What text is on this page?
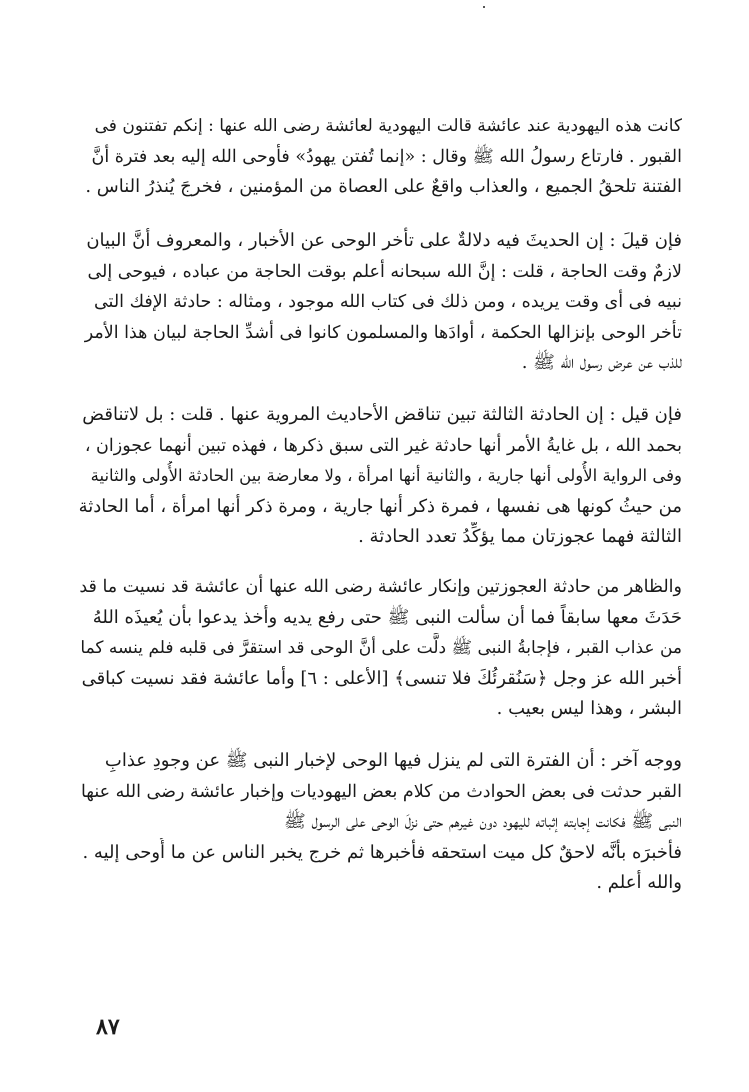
كانت هذه اليهودية عند عائشة قالت اليهودية لعائشة رضى الله عنها : إنكم تفتنون فى
القبور . فارتاع رسولُ الله ﷺ وقال : «إنما تُفتن يهودُ» فأوحى الله إليه بعد فترة أنَّ
الفتنة تلحقُ الجميع ، والعذاب واقعٌ على العصاة من المؤمنين ، فخرجَ يُنذرُ الناس .
فإن قيلَ : إن الحديثَ فيه دلالةٌ على تأخر الوحى عن الأخبار ، والمعروف أنَّ البيان
لازمٌ وقت الحاجة ، قلت : إنَّ الله سبحانه أعلم بوقت الحاجة من عباده ، فيوحى إلى
نبيه فى أى وقت يريده ، ومن ذلك فى كتاب الله موجود ، ومثاله : حادثة الإفك التى
تأخر الوحى بإنزالها الحكمة ، أوادَها والمسلمون كانوا فى أشدِّ الحاجة لبيان هذا الأمر
للذب عن عرض رسول الله ﷺ .
فإن قيل : إن الحادثة الثالثة تبين تناقض الأحاديث المروية عنها . قلت : بل لاتناقض
بحمد الله ، بل غايةُ الأمر أنها حادثة غير التى سبق ذكرها ، فهذه تبين أنهما عجوزان ،
وفى الرواية الأُولى أنها جارية ، والثانية أنها امرأة ، ولا معارضة بين الحادثة الأُولى والثانية
من حيثُ كونها هى نفسها ، فمرة ذكر أنها جارية ، ومرة ذكر أنها امرأة ، أما الحادثة
الثالثة فهما عجوزتان مما يؤكِّدُ تعدد الحادثة .
والظاهر من حادثة العجوزتين وإنكار عائشة رضى الله عنها أن عائشة قد نسيت ما قد
حَدَثَ معها سابقاً فما أن سألت النبى ﷺ حتى رفع يديه وأخذ يدعوا بأن يُعيذَه اللهُ
من عذاب القبر ، فإجابةُ النبى ﷺ دلَّت على أنَّ الوحى قد استقرَّ فى قلبه فلم ينسه كما
أخبر الله عز وجل ﴿سَنُقرئُكَ فلا تنسى﴾ [الأعلى : ٦] وأما عائشة فقد نسيت كباقى
البشر ، وهذا ليس بعيب .
ووجه آخر : أن الفترة التى لم ينزل فيها الوحى لإخبار النبى ﷺ عن وجودِ عذابِ
القبر حدثت فى بعض الحوادث من كلام بعض اليهوديات وإخبار عائشة رضى الله عنها
النبى ﷺ فكانت إجابته إثباته لليهود دون غيرهم حتى نزلَ الوحى على الرسول ﷺ
فأخبرَه بأنَّه لاحقٌ كل ميت استحقه فأخبرها ثم خرج يخبر الناس عن ما أُوحى إليه .
والله أعلم .
٨٧
